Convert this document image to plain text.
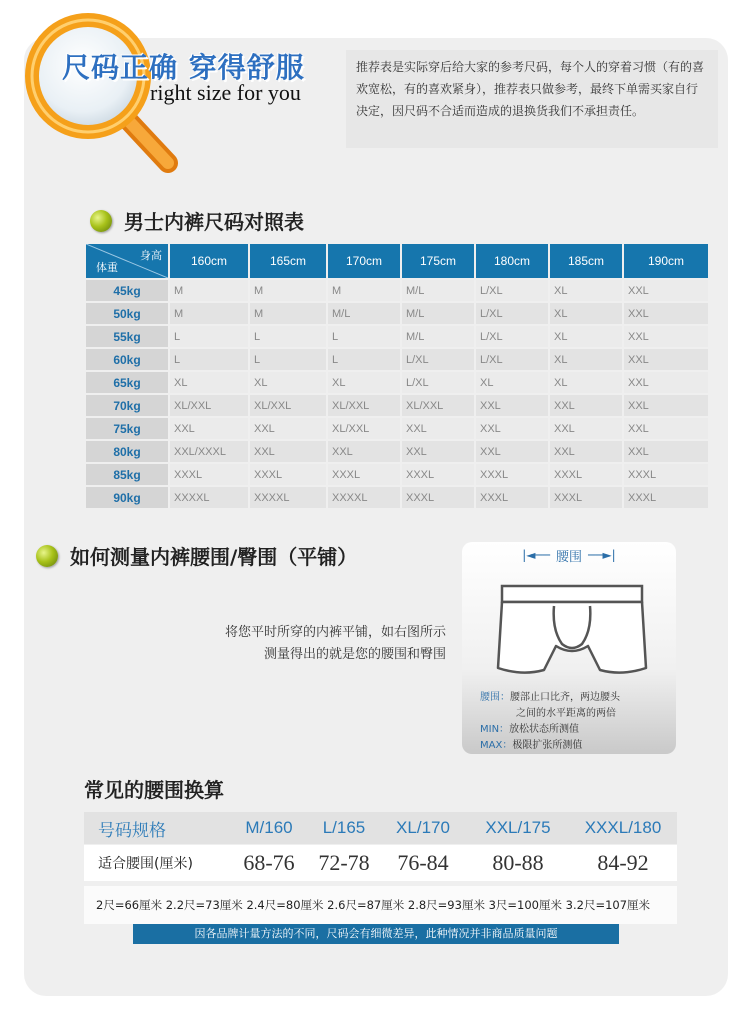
尺码正确 穿得舒服
right size for you
推荐表是实际穿后给大家的参考尺码，每个人的穿着习惯（有的喜欢宽松，有的喜欢紧身），推荐表只做参考，最终下单需买家自行决定，因尺码不合适而造成的退换货我们不承担责任。
男士内裤尺码对照表
身高
体重	160cm	165cm	170cm	175cm	180cm	185cm	190cm
45kg	M	M	M	M/L	L/XL	XL	XXL
50kg	M	M	M/L	M/L	L/XL	XL	XXL
55kg	L	L	L	M/L	L/XL	XL	XXL
60kg	L	L	L	L/XL	L/XL	XL	XXL
65kg	XL	XL	XL	L/XL	XL	XL	XXL
70kg	XL/XXL	XL/XXL	XL/XXL	XL/XXL	XXL	XXL	XXL
75kg	XXL	XXL	XL/XXL	XXL	XXL	XXL	XXL
80kg	XXL/XXXL	XXL	XXL	XXL	XXL	XXL	XXL
85kg	XXXL	XXXL	XXXL	XXXL	XXXL	XXXL	XXXL
90kg	XXXXL	XXXXL	XXXXL	XXXL	XXXL	XXXL	XXXL
如何测量内裤腰围/臀围（平铺）
将您平时所穿的内裤平铺，如右图所示
测量得出的就是您的腰围和臀围
|◄── 腰围 ──►|
腰围：腰部止口比齐，两边腰头
之间的水平距离的两倍
MIN：放松状态所测值
MAX：极限扩张所测值
常见的腰围换算
号码规格	M/160	L/165	XL/170	XXL/175	XXXL/180
适合腰围(厘米)	68-76	72-78	76-84	80-88	84-92
2尺=66厘米 2.2尺=73厘米 2.4尺=80厘米 2.6尺=87厘米 2.8尺=93厘米 3尺=100厘米 3.2尺=107厘米
因各品牌计量方法的不同，尺码会有细微差异，此种情况并非商品质量问题
